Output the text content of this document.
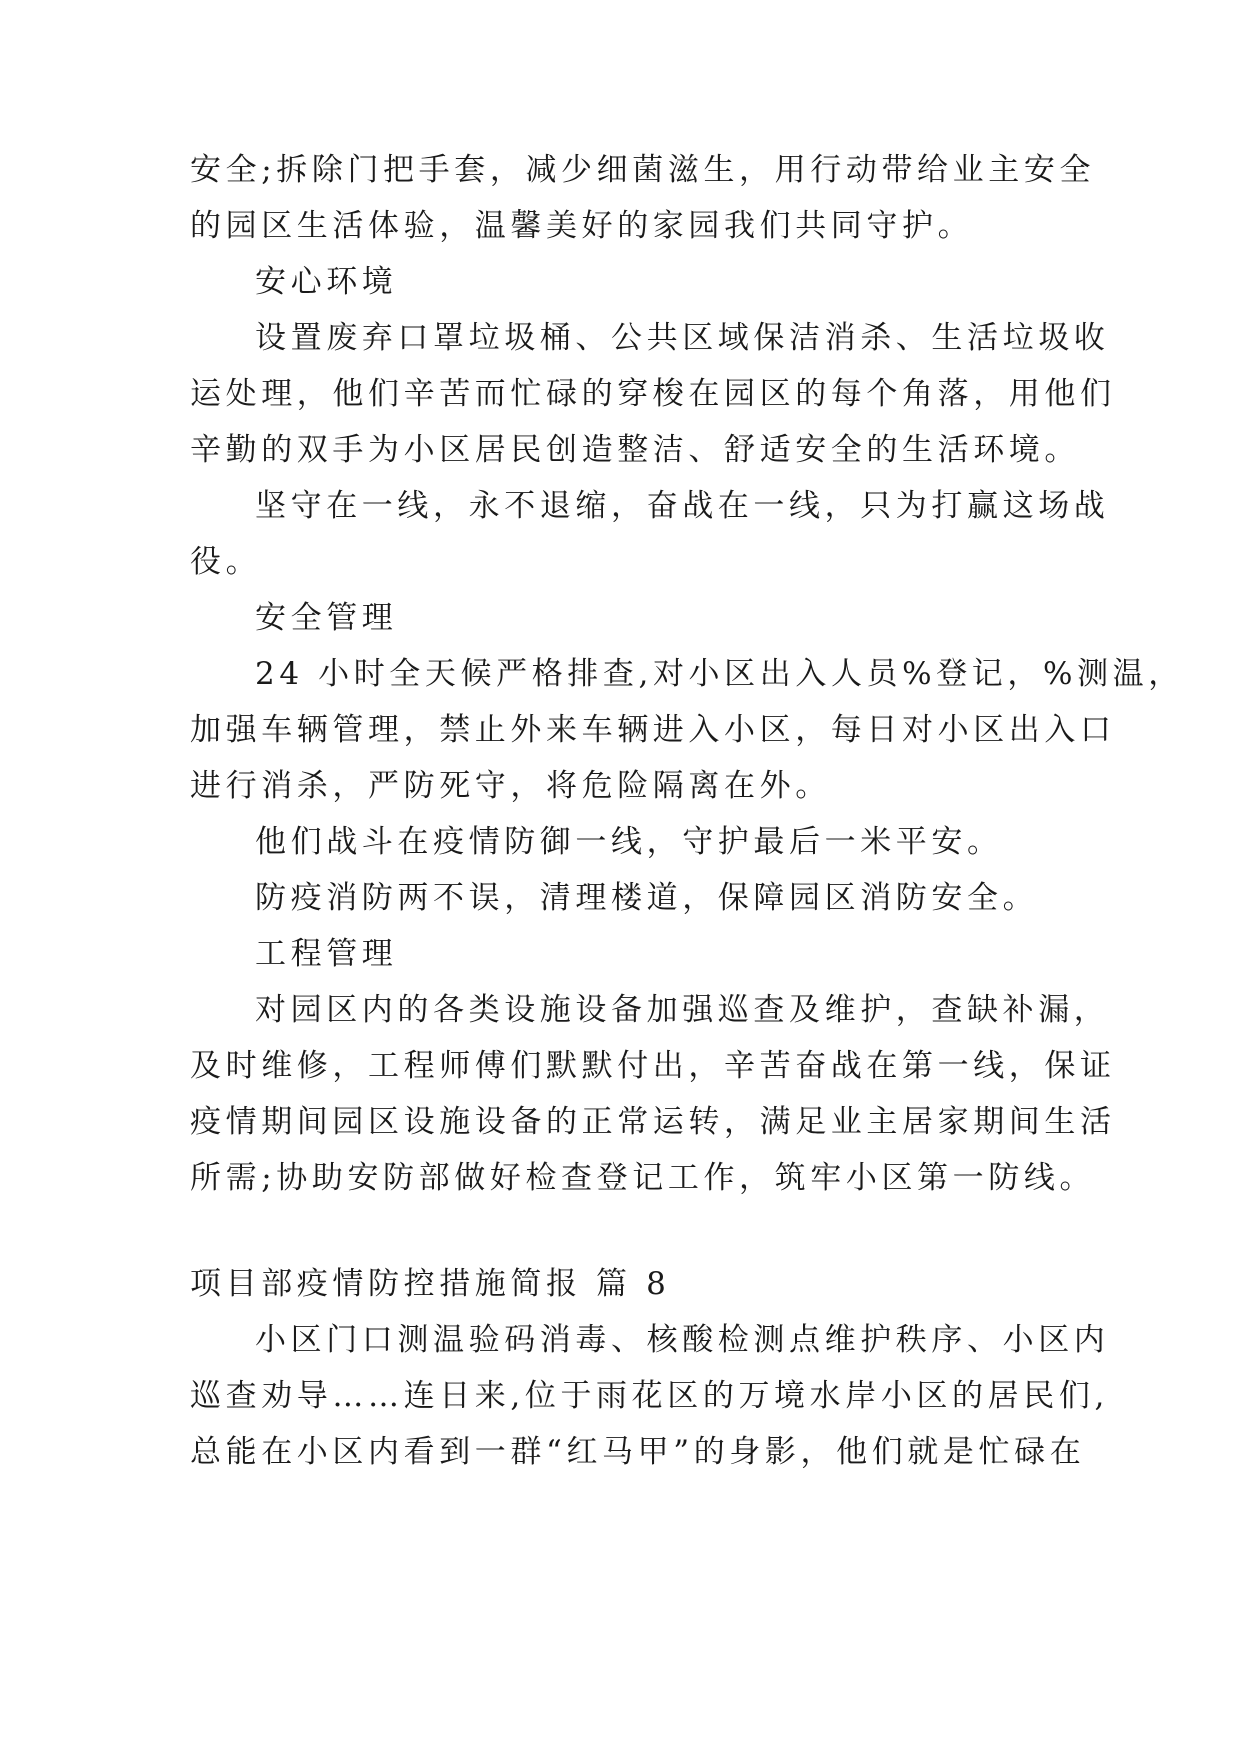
安全;拆除门把手套，减少细菌滋生，用行动带给业主安全
的园区生活体验，温馨美好的家园我们共同守护。
安心环境
设置废弃口罩垃圾桶、公共区域保洁消杀、生活垃圾收
运处理，他们辛苦而忙碌的穿梭在园区的每个角落，用他们
辛勤的双手为小区居民创造整洁、舒适安全的生活环境。
坚守在一线，永不退缩，奋战在一线，只为打赢这场战
役。
安全管理
24 小时全天候严格排查,对小区出入人员%登记，%测温，
加强车辆管理，禁止外来车辆进入小区，每日对小区出入口
进行消杀，严防死守，将危险隔离在外。
他们战斗在疫情防御一线，守护最后一米平安。
防疫消防两不误，清理楼道，保障园区消防安全。
工程管理
对园区内的各类设施设备加强巡查及维护，查缺补漏，
及时维修，工程师傅们默默付出，辛苦奋战在第一线，保证
疫情期间园区设施设备的正常运转，满足业主居家期间生活
所需;协助安防部做好检查登记工作，筑牢小区第一防线。
项目部疫情防控措施简报 篇 8
小区门口测温验码消毒、核酸检测点维护秩序、小区内
巡查劝导……连日来,位于雨花区的万境水岸小区的居民们,
总能在小区内看到一群“红马甲”的身影，他们就是忙碌在
